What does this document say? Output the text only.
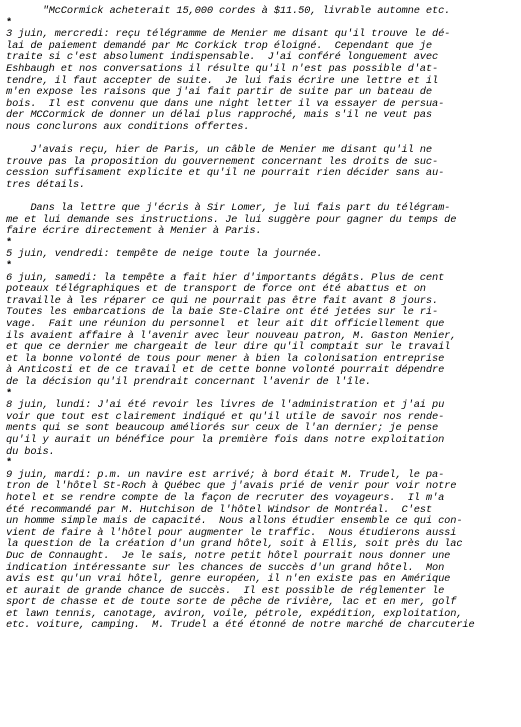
"McCormick acheterait 15,000 cordes à $11.50, livrable automne etc.
*
3 juin, mercredi: reçu télégramme de Menier me disant qu'il trouve le dé-
lai de paiement demandé par Mc Corkick trop éloigné.  Cependant que je
traite si c'est absolument indispensable.  J'ai conféré longuement avec
Eshbaugh et nos conversations il résulte qu'il n'est pas possible d'at-
tendre, il faut accepter de suite.  Je lui fais écrire une lettre et il
m'en expose les raisons que j'ai fait partir de suite par un bateau de
bois.  Il est convenu que dans une night letter il va essayer de persua-
der MCCormick de donner un délai plus rapproché, mais s'il ne veut pas
nous conclurons aux conditions offertes.
J'avais reçu, hier de Paris, un câble de Menier me disant qu'il ne
trouve pas la proposition du gouvernement concernant les droits de suc-
cession suffisament explicite et qu'il ne pourrait rien décider sans au-
tres détails.
Dans la lettre que j'écris à Sir Lomer, je lui fais part du télégram-
me et lui demande ses instructions. Je lui suggère pour gagner du temps de
faire écrire directement à Menier à Paris.
*
5 juin, vendredi: tempête de neige toute la journée.
*
6 juin, samedi: la tempête a fait hier d'importants dégâts. Plus de cent
poteaux télégraphiques et de transport de force ont été abattus et on
travaille à les réparer ce qui ne pourrait pas être fait avant 8 jours.
Toutes les embarcations de la baie Ste-Claire ont été jetées sur le ri-
vage.  Fait une réunion du personnel  et leur ait dit officiellement que
ils avaient affaire à l'avenir avec leur nouveau patron, M. Gaston Menier,
et que ce dernier me chargeait de leur dire qu'il comptait sur le travail
et la bonne volonté de tous pour mener à bien la colonisation entreprise
à Anticosti et de ce travail et de cette bonne volonté pourrait dépendre
de la décision qu'il prendrait concernant l'avenir de l'île.
*
8 juin, lundi: J'ai été revoir les livres de l'administration et j'ai pu
voir que tout est clairement indiqué et qu'il utile de savoir nos rende-
ments qui se sont beaucoup améliorés sur ceux de l'an dernier; je pense
qu'il y aurait un bénéfice pour la première fois dans notre exploitation
du bois.
*
9 juin, mardi: p.m. un navire est arrivé; à bord était M. Trudel, le pa-
tron de l'hôtel St-Roch à Québec que j'avais prié de venir pour voir notre
hotel et se rendre compte de la façon de recruter des voyageurs.  Il m'a
été recommandé par M. Hutchison de l'hôtel Windsor de Montréal.  C'est
un homme simple mais de capacité.  Nous allons étudier ensemble ce qui con-
vient de faire à l'hôtel pour augmenter le traffic.  Nous étudierons aussi
la question de la création d'un grand hôtel, soit à Ellis, soit près du lac
Duc de Connaught.  Je le sais, notre petit hôtel pourrait nous donner une
indication intéressante sur les chances de succès d'un grand hôtel.  Mon
avis est qu'un vrai hôtel, genre européen, il n'en existe pas en Amérique
et aurait de grande chance de succès.  Il est possible de réglementer le
sport de chasse et de toute sorte de pêche de rivière, lac et en mer, golf
et lawn tennis, canotage, aviron, voile, pétrole, expédition, exploitation,
etc. voiture, camping.  M. Trudel a été étonné de notre marché de charcuterie
